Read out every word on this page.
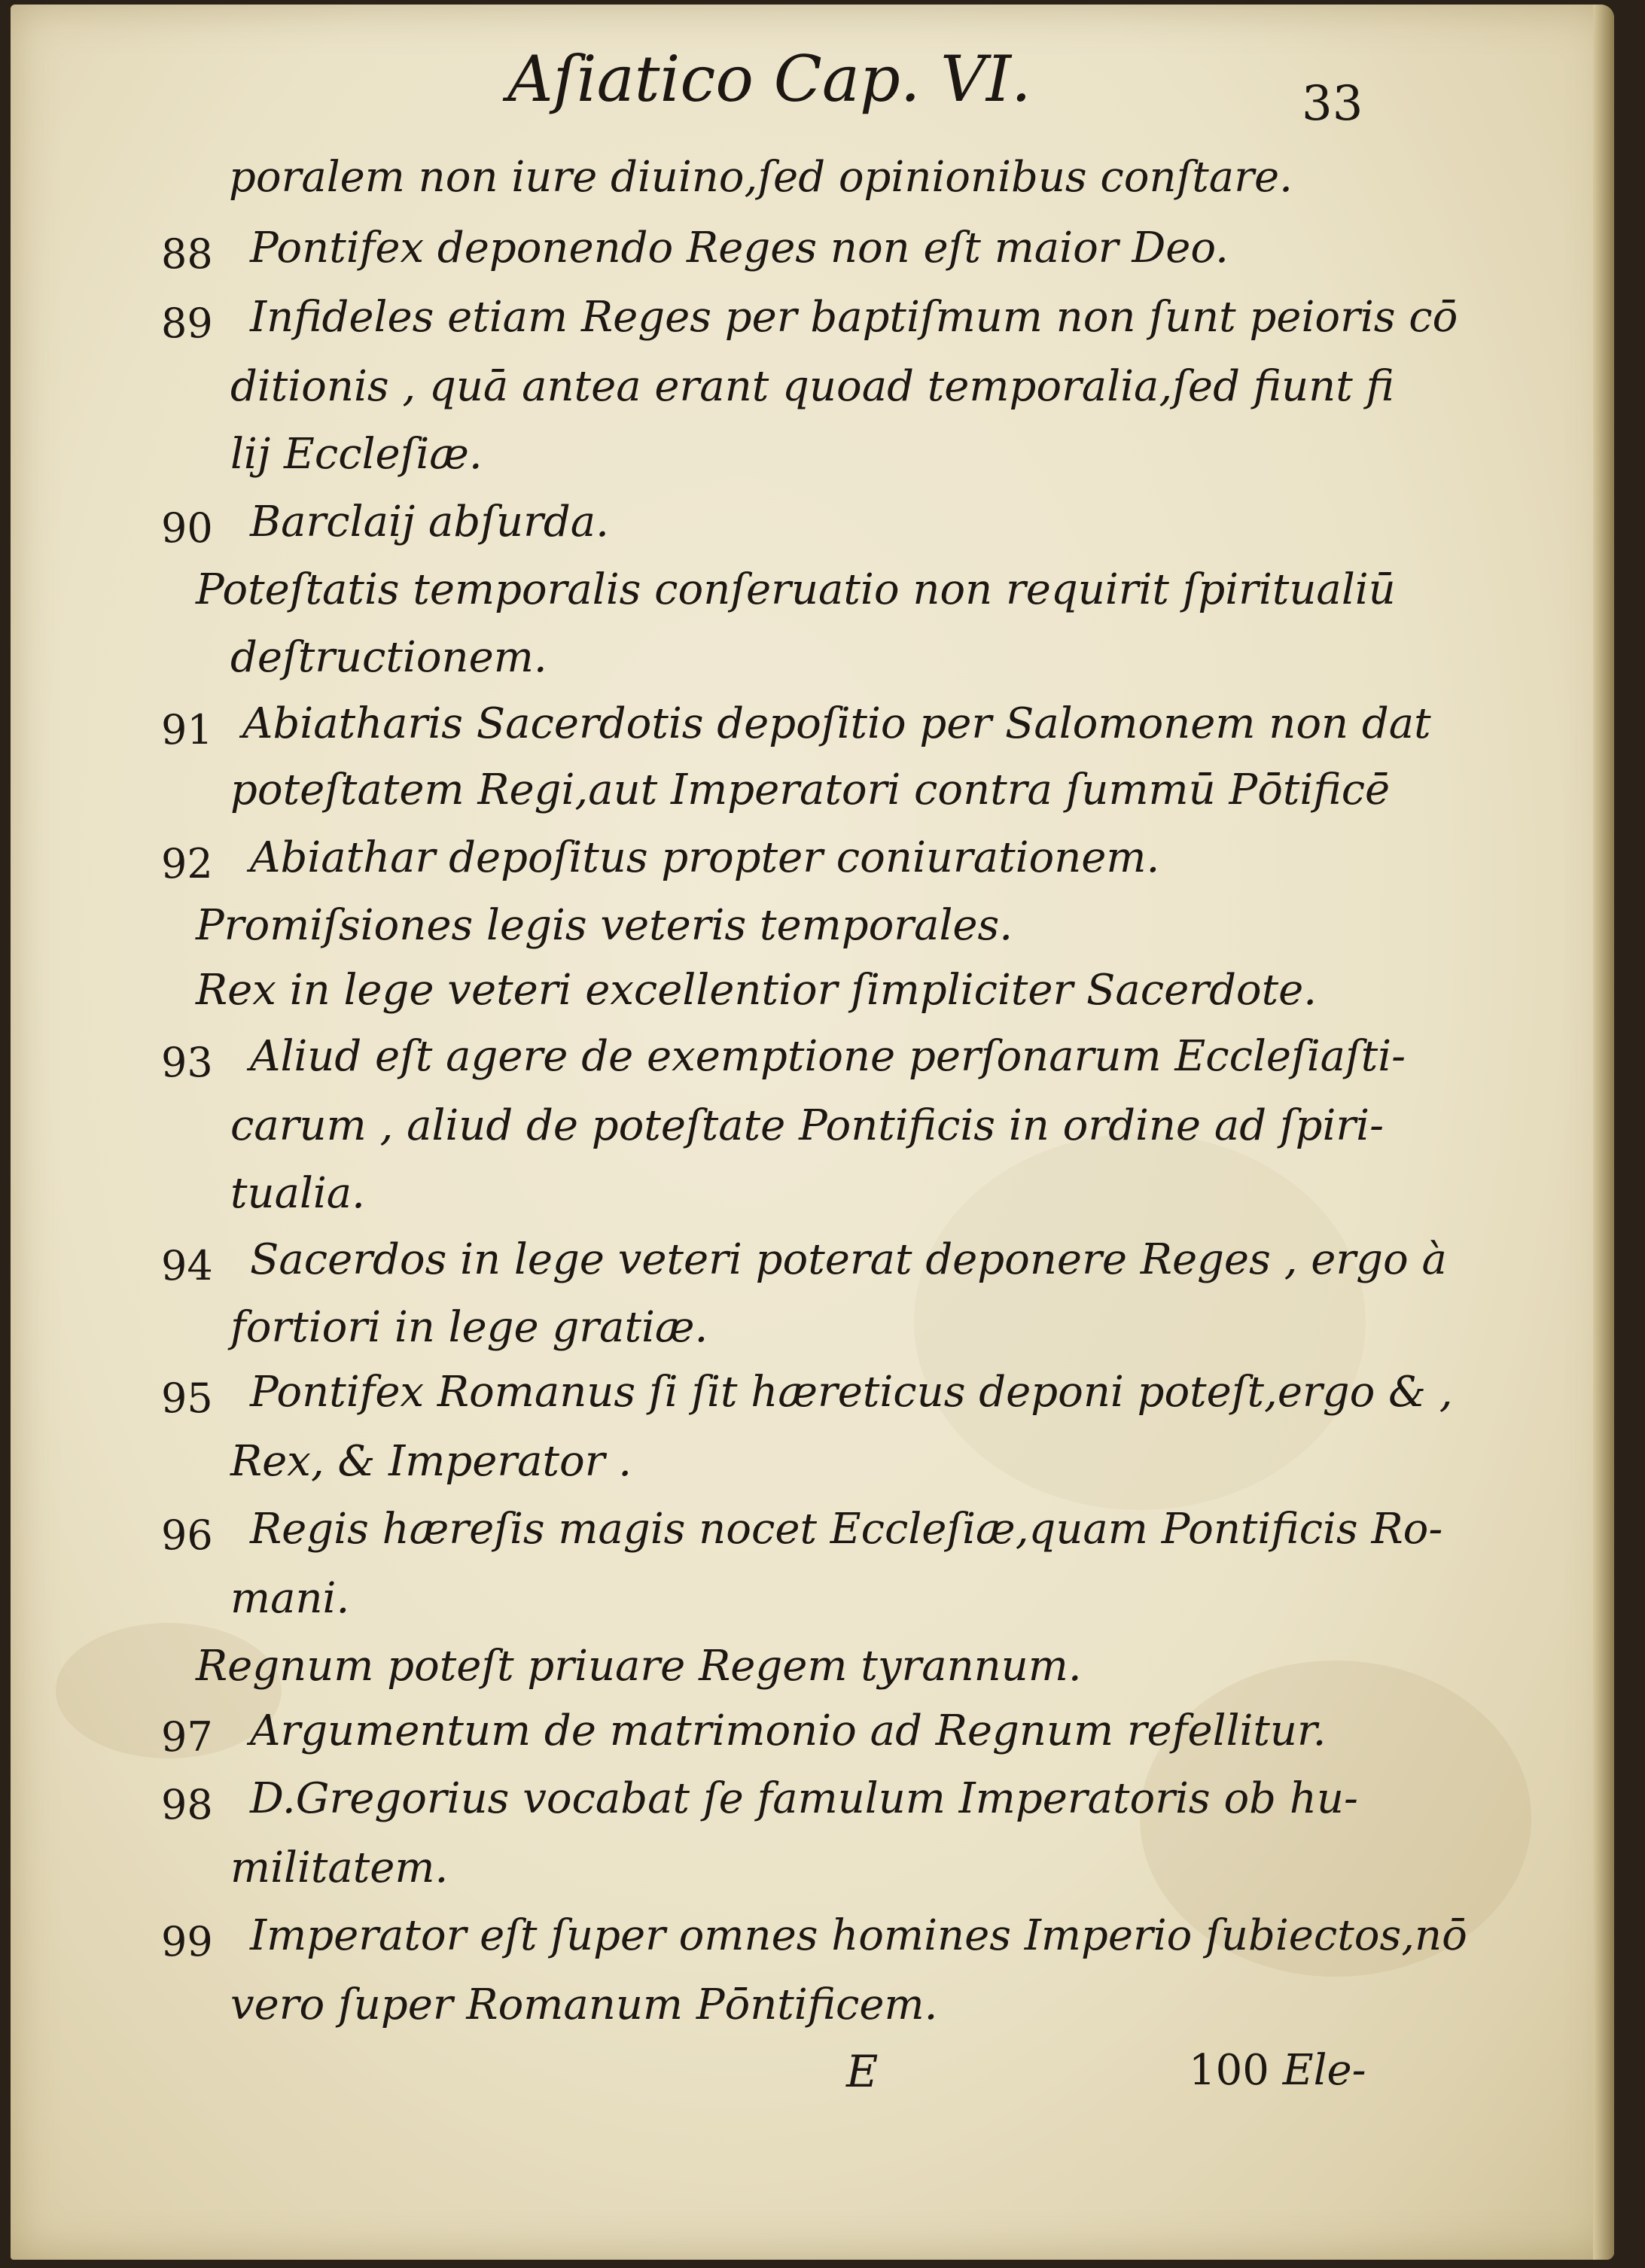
Aſiatico Cap. VI.	33
poralem non iure diuino,ſed opinionibus conſtare.
88 Pontifex deponendo Reges non eſt maior Deo.
89 Infideles etiam Reges per baptiſmum non ſunt peioris cō
ditionis , quā antea erant quoad temporalia,ſed fiunt fi
lij Eccleſiæ.
90 Barclaij abſurda.
Poteſtatis temporalis conſeruatio non requirit ſpiritualiū
deſtructionem.
91 Abiatharis Sacerdotis depoſitio per Salomonem non dat
poteſtatem Regi,aut Imperatori contra ſummū Pōtificē
92 Abiathar depoſitus propter coniurationem.
Promiſsiones legis veteris temporales.
Rex in lege veteri excellentior ſimpliciter Sacerdote.
93 Aliud eſt agere de exemptione perſonarum Eccleſiaſti-
carum , aliud de poteſtate Pontificis in ordine ad ſpiri-
tualia.
94 Sacerdos in lege veteri poterat deponere Reges , ergo à
fortiori in lege gratiæ.
95 Pontifex Romanus ſi ſit hæreticus deponi poteſt,ergo & ,
Rex, & Imperator .
96 Regis hæreſis magis nocet Eccleſiæ,quam Pontificis Ro-
mani.
Regnum poteſt priuare Regem tyrannum.
97 Argumentum de matrimonio ad Regnum refellitur.
98 D.Gregorius vocabat ſe famulum Imperatoris ob hu-
militatem.
99 Imperator eſt ſuper omnes homines Imperio ſubiectos,nō
vero ſuper Romanum Pōntificem.
E	100 Ele-
